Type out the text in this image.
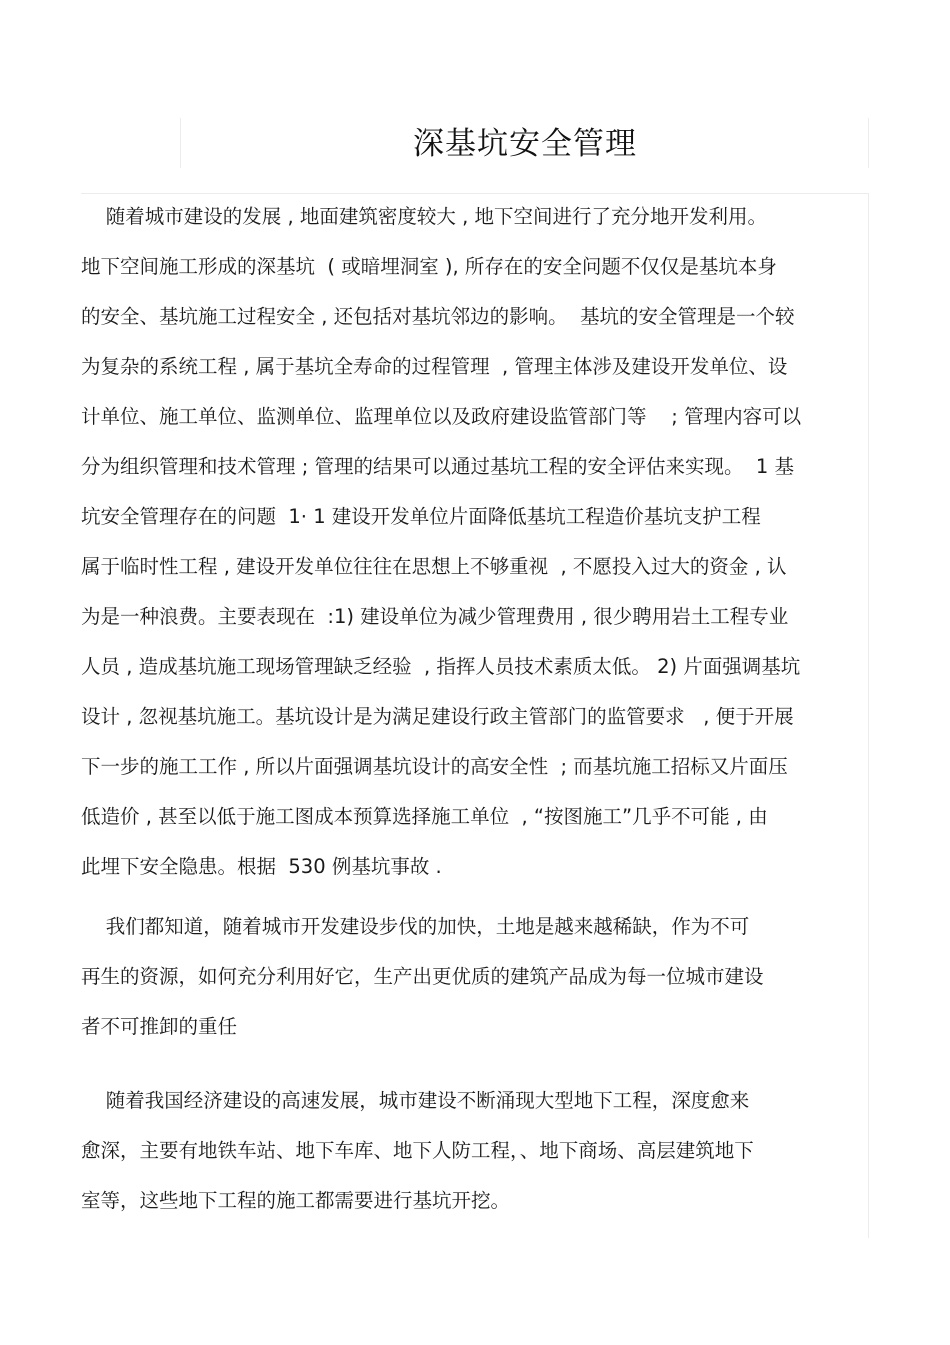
深基坑安全管理
随着城市建设的发展 , 地面建筑密度较大 , 地下空间进行了充分地开发利用。
地下空间施工形成的深基坑  ( 或暗埋洞室 ), 所存在的安全问题不仅仅是基坑本身
的安全、基坑施工过程安全 , 还包括对基坑邻边的影响。  基坑的安全管理是一个较
为复杂的系统工程 , 属于基坑全寿命的过程管理  , 管理主体涉及建设开发单位、设
计单位、施工单位、监测单位、监理单位以及政府建设监管部门等    ; 管理内容可以
分为组织管理和技术管理 ; 管理的结果可以通过基坑工程的安全评估来实现。  1 基
坑安全管理存在的问题  1· 1 建设开发单位片面降低基坑工程造价基坑支护工程
属于临时性工程 , 建设开发单位往往在思想上不够重视  , 不愿投入过大的资金 , 认
为是一种浪费。主要表现在  :1) 建设单位为减少管理费用 , 很少聘用岩土工程专业
人员 , 造成基坑施工现场管理缺乏经验  , 指挥人员技术素质太低。 2) 片面强调基坑
设计 , 忽视基坑施工。基坑设计是为满足建设行政主管部门的监管要求   , 便于开展
下一步的施工工作 , 所以片面强调基坑设计的高安全性  ; 而基坑施工招标又片面压
低造价 , 甚至以低于施工图成本预算选择施工单位  , “按图施工”几乎不可能 , 由
此埋下安全隐患。根据  530 例基坑事故 .
我们都知道，随着城市开发建设步伐的加快，土地是越来越稀缺，作为不可
再生的资源，如何充分利用好它，生产出更优质的建筑产品成为每一位城市建设
者不可推卸的重任
随着我国经济建设的高速发展，城市建设不断涌现大型地下工程，深度愈来
愈深，主要有地铁车站、地下车库、地下人防工程，、地下商场、高层建筑地下
室等，这些地下工程的施工都需要进行基坑开挖。
